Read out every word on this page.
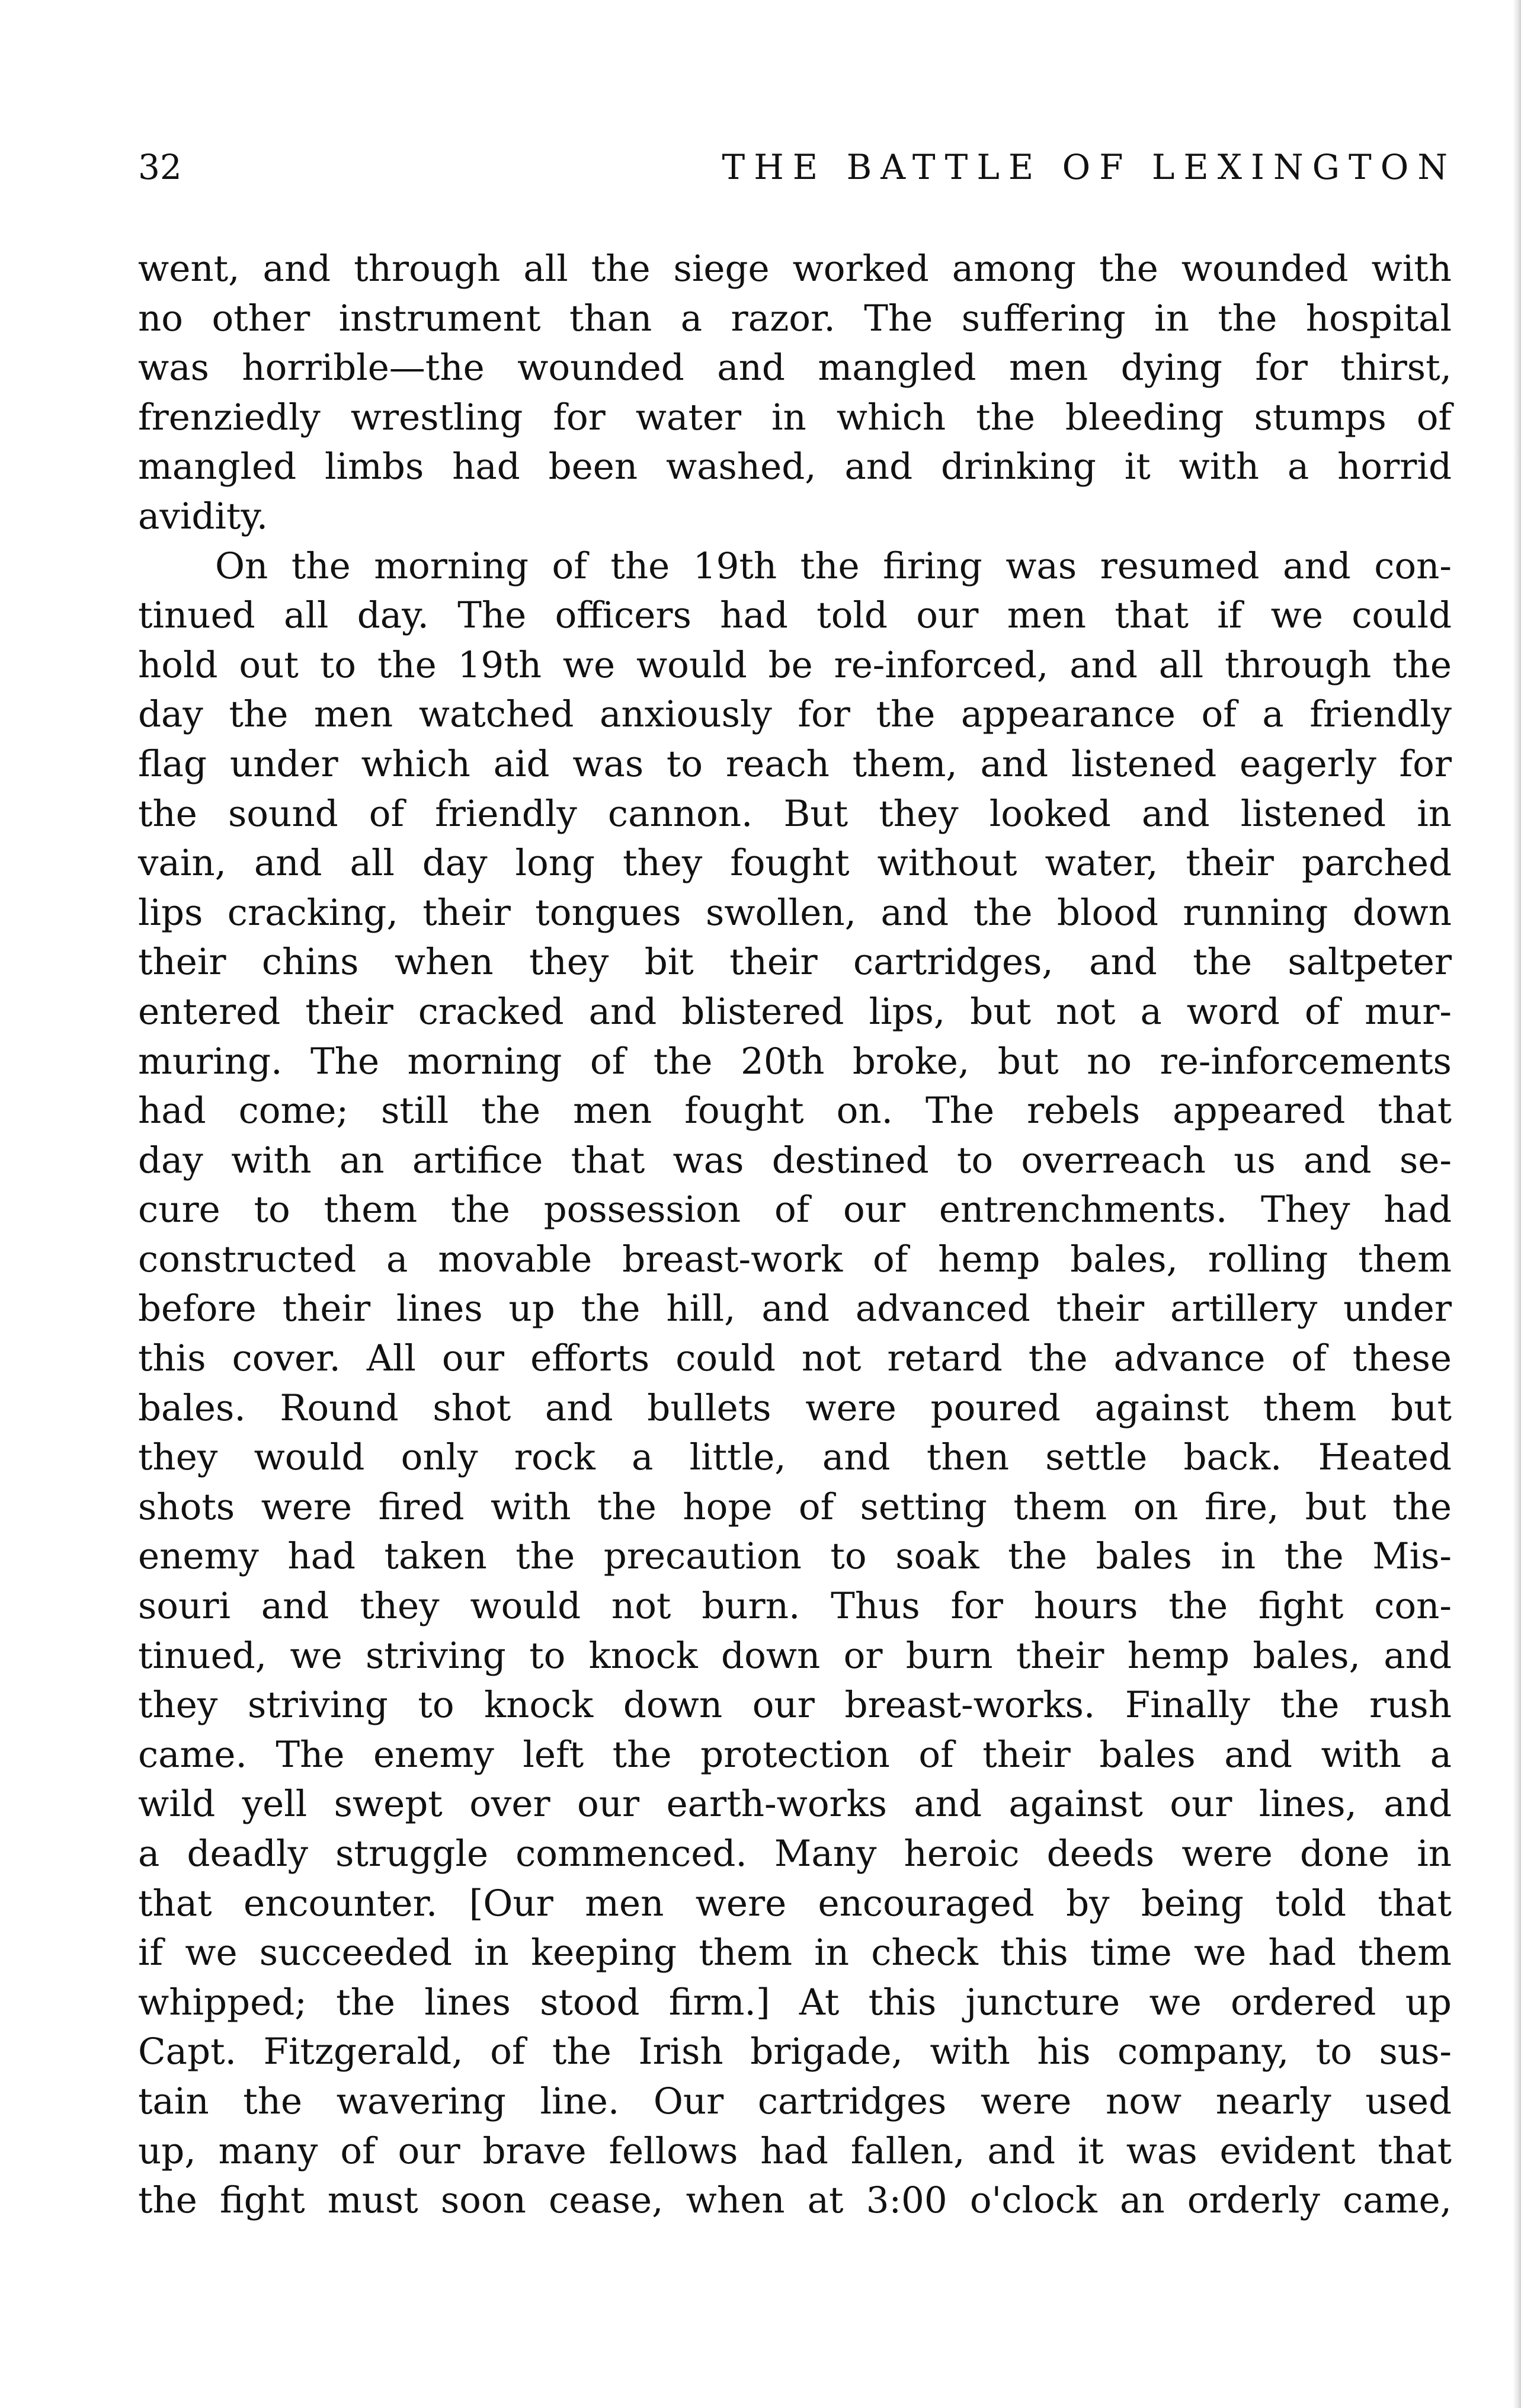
32	THE BATTLE OF LEXINGTON
went, and through all the siege worked among the wounded with
no other instrument than a razor. The suffering in the hospital
was horrible—the wounded and mangled men dying for thirst,
frenziedly wrestling for water in which the bleeding stumps of
mangled limbs had been washed, and drinking it with a horrid
avidity.
On the morning of the 19th the firing was resumed and con-
tinued all day. The officers had told our men that if we could
hold out to the 19th we would be re-inforced, and all through the
day the men watched anxiously for the appearance of a friendly
flag under which aid was to reach them, and listened eagerly for
the sound of friendly cannon. But they looked and listened in
vain, and all day long they fought without water, their parched
lips cracking, their tongues swollen, and the blood running down
their chins when they bit their cartridges, and the saltpeter
entered their cracked and blistered lips, but not a word of mur-
muring. The morning of the 20th broke, but no re-inforcements
had come; still the men fought on. The rebels appeared that
day with an artifice that was destined to overreach us and se-
cure to them the possession of our entrenchments. They had
constructed a movable breast-work of hemp bales, rolling them
before their lines up the hill, and advanced their artillery under
this cover. All our efforts could not retard the advance of these
bales. Round shot and bullets were poured against them but
they would only rock a little, and then settle back. Heated
shots were fired with the hope of setting them on fire, but the
enemy had taken the precaution to soak the bales in the Mis-
souri and they would not burn. Thus for hours the fight con-
tinued, we striving to knock down or burn their hemp bales, and
they striving to knock down our breast-works. Finally the rush
came. The enemy left the protection of their bales and with a
wild yell swept over our earth-works and against our lines, and
a deadly struggle commenced. Many heroic deeds were done in
that encounter. [Our men were encouraged by being told that
if we succeeded in keeping them in check this time we had them
whipped; the lines stood firm.] At this juncture we ordered up
Capt. Fitzgerald, of the Irish brigade, with his company, to sus-
tain the wavering line. Our cartridges were now nearly used
up, many of our brave fellows had fallen, and it was evident that
the fight must soon cease, when at 3:00 o'clock an orderly came,
